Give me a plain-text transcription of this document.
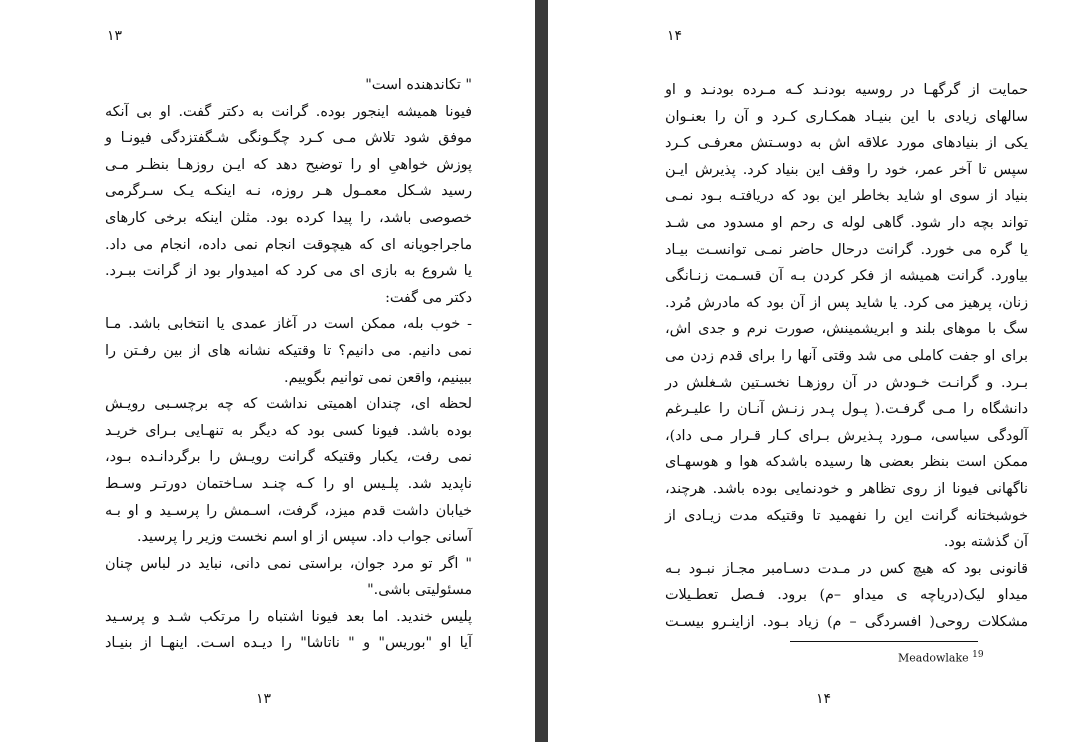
۱۳
" تکاندهنده است"
فیونا همیشه اینجور بوده. گرانت به دکتر گفت. او بی آنکه
موفق شود تلاش مـی کـرد چگـونگی شـگفتزدگی فیونـا و
پوزش خواهیِ او را توضیح دهد که ایـن روزهـا بنظـر مـی
رسید شـکل معمـول هـر روزه، نـه اینکـه یـک سـرگرمی
خصوصی باشد، را پیدا کرده بود. مثلن اینکه برخی کارهای
ماجراجویانه ای که هیچوقت انجام نمی داده، انجام می داد.
یا شروع به بازی ای می کرد که امیدوار بود از گرانت ببـرد.
دکتر می گفت:
- خوب بله، ممکن است در آغاز عمدی یا انتخابی باشد. مـا
نمی دانیم. می دانیم؟ تا وقتیکه نشانه های از بین رفـتن را
ببینیم، واقعن نمی توانیم بگوییم.
لحظه ای، چندان اهمیتی نداشت که چه برچسـبی رویـش
بوده باشد. فیونا کسی بود که دیگر به تنهـایی بـرای خریـد
نمی رفت، یکبار وقتیکه گرانت رویـش را برگردانـده بـود،
ناپدید شد. پلـیس او را کـه چنـد سـاختمان دورتـر وسـط
خیابان داشت قدم میزد، گرفت، اسـمش را پرسـید و او بـه
آسانی جواب داد. سپس از او اسم نخست وزیر را پرسید.
" اگر تو مرد جوان، براستی نمی دانی، نباید در لباس چنان
مسئولیتی باشی."
پلیس خندید. اما بعد فیونا اشتباه را مرتکب شـد و پرسـید
آیا او "بوریس" و " ناتاشا" را دیـده اسـت. اینهـا از بنیـاد
۱۳
۱۴
حمایت از گرگهـا در روسیه بودنـد کـه مـرده بودنـد و او
سالهای زیادی با این بنیـاد همکـاری کـرد و آن را بعنـوان
یکی از بنیادهای مورد علاقه اش به دوسـتش معرفـی کـرد
سپس تا آخر عمر، خود را وقف این بنیاد کرد. پذیرش ایـن
بنیاد از سوی او شاید بخاطر این بود که دریافتـه بـود نمـی
تواند بچه دار شود. گاهی لوله ی رحم او مسدود می شـد
یا گره می خورد. گرانت درحال حاضر نمـی توانسـت بیـاد
بیاورد. گرانت همیشه از فکر کردن بـه آن قسـمت زنـانگی
زنان، پرهیز می کرد. یا شاید پس از آن بود که مادرش مُرد.
سگ با موهای بلند و ابریشمینش، صورت نرم و جدی اش،
برای او جفت کاملی می شد وقتی آنها را برای قدم زدن می
بـرد. و گرانـت خـودش در آن روزهـا نخسـتین شـغلش در
دانشگاه را مـی گرفـت.( پـول پـدر زنـش آنـان را علیـرغم
آلودگی سیاسی، مـورد پـذیرش بـرای کـار قـرار مـی داد)،
ممکن است بنظر بعضی ها رسیده باشدکه هوا و هوسهـای
ناگهانی فیونا از روی تظاهر و خودنمایی بوده باشد. هرچند،
خوشبختانه گرانت این را نفهمید تا وقتیکه مدت زیـادی از
آن گذشته بود.
قانونی بود که هیچ کس در مـدت دسـامبر مجـاز نبـود بـه
میداو لیک(دریاچه ی میداو –م) برود. فـصل تعطـیلات
مشکلات روحی( افسردگی – م) زیاد بـود. ازاینـرو بیسـت
Meadowlake $^{19}$
۱۴
